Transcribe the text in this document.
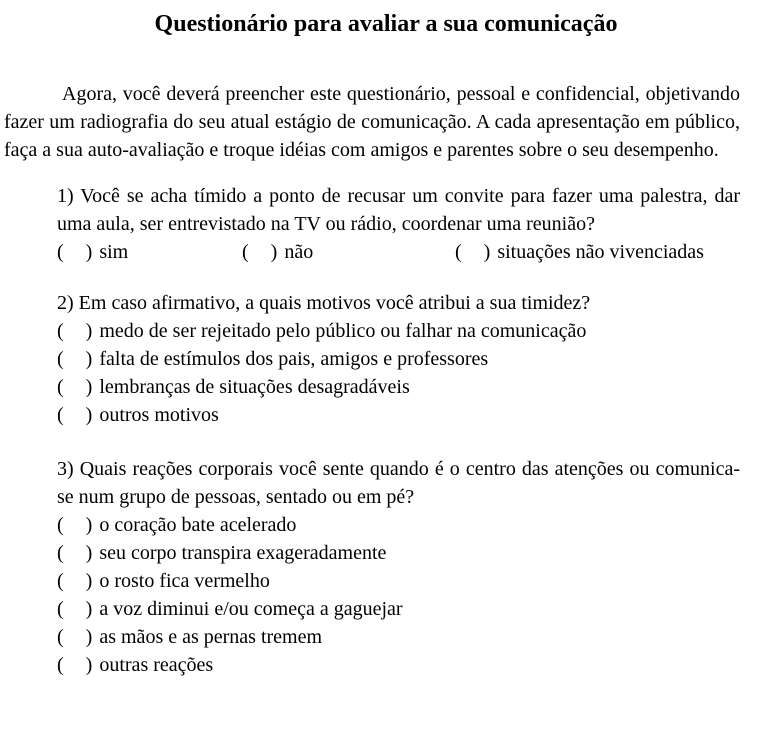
Questionário para avaliar a sua comunicação

Agora, você deverá preencher este questionário, pessoal e confidencial, objetivando fazer um radiografia do seu atual estágio de comunicação. A cada apresentação em público, faça a sua auto-avaliação e troque idéias com amigos e parentes sobre o seu desempenho.

1) Você se acha tímido a ponto de recusar um convite para fazer uma palestra, dar uma aula, ser entrevistado na TV ou rádio, coordenar uma reunião?

( ) sim	( ) não	( ) situações não vivenciadas

2) Em caso afirmativo, a quais motivos você atribui a sua timidez?

( ) medo de ser rejeitado pelo público ou falhar na comunicação
( ) falta de estímulos dos pais, amigos e professores
( ) lembranças de situações desagradáveis
( ) outros motivos

3) Quais reações corporais você sente quando é o centro das atenções ou comunica-se num grupo de pessoas, sentado ou em pé?

( ) o coração bate acelerado
( ) seu corpo transpira exageradamente
( ) o rosto fica vermelho
( ) a voz diminui e/ou começa a gaguejar
( ) as mãos e as pernas tremem
( ) outras reações
